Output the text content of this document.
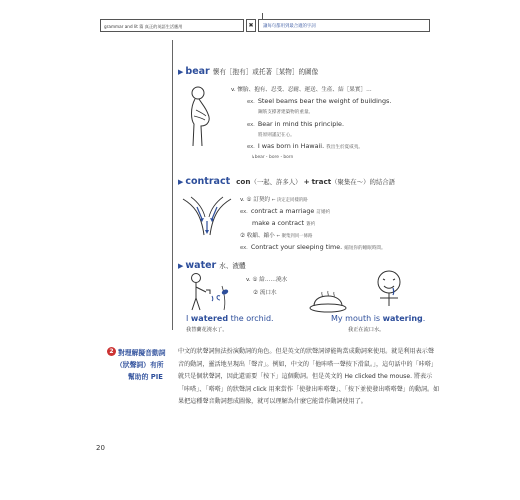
grammar and lit 篇 真正的英語生活應用	✖	讓每句都用到最合適的字詞
▶ bear 懷有［抱有］或托著［某物］的圖像
v. 懷胎、抱有、忍受、忍耐、運送、生產、結［果實］…
ex. Steel beams bear the weight of buildings.
鋼筋支撐著建築物的重量。
ex. Bear in mind this principle.
將原則謹記在心。
ex. I was born in Hawaii. 我出生於夏威夷。
↳bear・bore・born
▶ contract con（一起、許多人） + tract（聚集在～）的結合語
v. ① 訂契約 ← 決定走同樣的路
ex. contract a marriage 訂婚約
make a contract 簽約
② 收縮、縮小 ← 聚集到同一條路
ex. Contract your sleeping time. 縮短你的睡眠時間。
▶ water 水、液體
v. ① 給……澆水
② 流口水
I watered the orchid.
我替蘭花澆水了。
My mouth is watering.
我正在流口水。
2 對理解擬音動詞
（狀聲詞）有所
幫助的 PIE
中文的狀聲詞無法扮演動詞的角色。但是英文的狀聲詞卻能夠當成動詞來使用。就是利用表示聲音的動詞，靈活地呈現出「聲音」。例如，中文的「他咔嗒一聲按下滑鼠。」，這句話中的「咔嗒」就只是個狀聲詞，因此還需要「按下」這個動詞。但是英文的 He clicked the mouse. 將表示「咔嗒」、「嗒嗒」的狀聲詞 click 用來當作「使發出咔嗒聲」、「按下並使發出嗒嗒聲」的動詞。如果把這種聲音動詞想成圖像，就可以理解為什麼它能當作動詞使用了。
20
